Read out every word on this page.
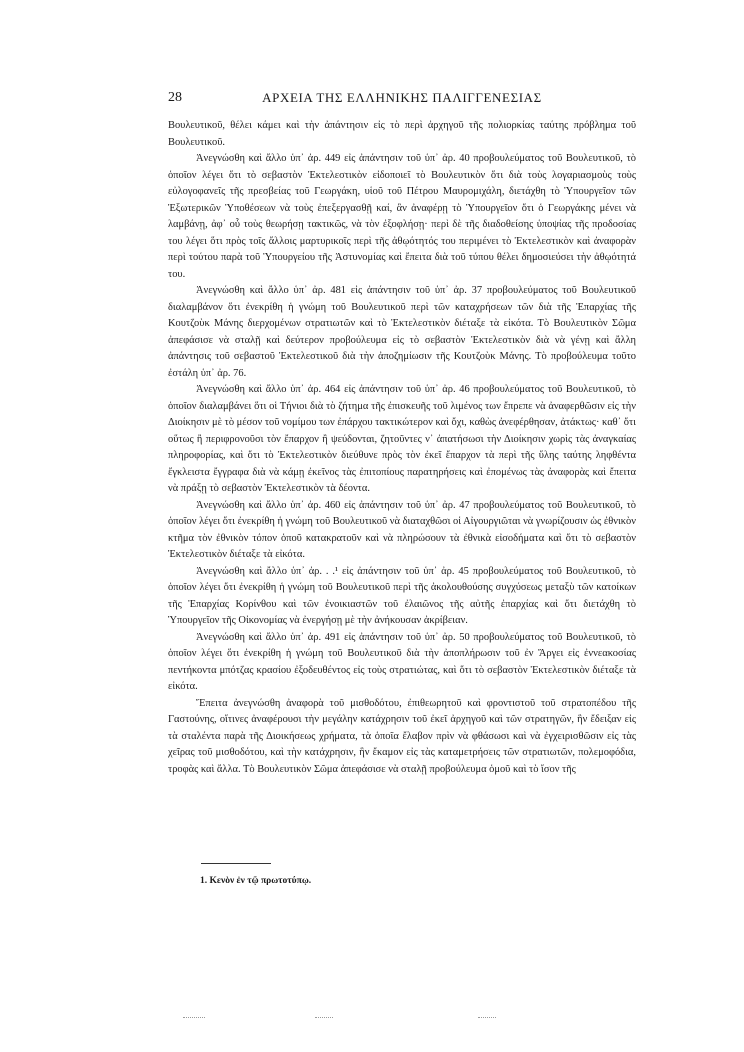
28	ΑΡΧΕΙΑ ΤΗΣ ΕΛΛΗΝΙΚΗΣ ΠΑΛΙΓΓΕΝΕΣΙΑΣ

Βουλευτικοῦ, θέλει κάμει καὶ τὴν ἀπάντησιν εἰς τὸ περὶ ἀρχηγοῦ τῆς πολιορκίας ταύτης πρόβλημα τοῦ Βουλευτικοῦ.

Ἀνεγνώσθη καὶ ἄλλο ὑπ᾿ ἀρ. 449 εἰς ἀπάντησιν τοῦ ὑπ᾿ ἀρ. 40 προβουλεύματος τοῦ Βουλευτικοῦ, τὸ ὁποῖον λέγει ὅτι τὸ σεβαστὸν Ἐκτελεστικὸν εἰδοποιεῖ τὸ Βουλευτικὸν ὅτι διὰ τοὺς λογαριασμοὺς τοὺς εὐλογοφανεῖς τῆς πρεσβείας τοῦ Γεωργάκη, υἱοῦ τοῦ Πέτρου Μαυρομιχάλη, διετάχθη τὸ Ὑπουργεῖον τῶν Ἐξωτερικῶν Ὑποθέσεων νὰ τοὺς ἐπεξεργασθῇ καί, ἂν ἀναφέρῃ τὸ Ὑπουργεῖον ὅτι ὁ Γεωργάκης μένει νὰ λαμβάνῃ, ἀφ᾿ οὗ τοὺς θεωρήσῃ τακτικῶς, νὰ τὸν ἐξοφλήσῃ· περὶ δὲ τῆς διαδοθείσης ὑποψίας τῆς προδοσίας του λέγει ὅτι πρὸς τοῖς ἄλλοις μαρτυρικοῖς περὶ τῆς ἀθῳότητός του περιμένει τὸ Ἐκτελεστικὸν καὶ ἀναφορὰν περὶ τούτου παρὰ τοῦ Ὑπουργείου τῆς Ἀστυνομίας καὶ ἔπειτα διὰ τοῦ τύπου θέλει δημοσιεύσει τὴν ἀθῳότητά του.

Ἀνεγνώσθη καὶ ἄλλο ὑπ᾿ ἀρ. 481 εἰς ἀπάντησιν τοῦ ὑπ᾿ ἀρ. 37 προβουλεύματος τοῦ Βουλευτικοῦ διαλαμβάνον ὅτι ἐνεκρίθη ἡ γνώμη τοῦ Βουλευτικοῦ περὶ τῶν καταχρήσεων τῶν διὰ τῆς Ἐπαρχίας τῆς Κουτζοὺκ Μάνης διερχομένων στρατιωτῶν καὶ τὸ Ἐκτελεστικὸν διέταξε τὰ εἰκότα. Τὸ Βουλευτικὸν Σῶμα ἀπεφάσισε νὰ σταλῇ καὶ δεύτερον προβούλευμα εἰς τὸ σεβαστὸν Ἐκτελεστικὸν διὰ νὰ γένῃ καὶ ἄλλη ἀπάντησις τοῦ σεβαστοῦ Ἐκτελεστικοῦ διὰ τὴν ἀποζημίωσιν τῆς Κουτζοὺκ Μάνης. Τὸ προβούλευμα τοῦτο ἐστάλη ὑπ᾿ ἀρ. 76.

Ἀνεγνώσθη καὶ ἄλλο ὑπ᾿ ἀρ. 464 εἰς ἀπάντησιν τοῦ ὑπ᾿ ἀρ. 46 προβουλεύματος τοῦ Βουλευτικοῦ, τὸ ὁποῖον διαλαμβάνει ὅτι οἱ Τήνιοι διὰ τὸ ζήτημα τῆς ἐπισκευῆς τοῦ λιμένος των ἔπρεπε νὰ ἀναφερθῶσιν εἰς τὴν Διοίκησιν μὲ τὸ μέσον τοῦ νομίμου των ἐπάρχου τακτικώτερον καὶ ὄχι, καθὼς ἀνεφέρθησαν, ἀτάκτως· καθ᾿ ὅτι οὕτως ἢ περιφρονοῦσι τὸν ἔπαρχον ἢ ψεύδονται, ζητοῦντες ν᾿ ἀπατήσωσι τὴν Διοίκησιν χωρὶς τὰς ἀναγκαίας πληροφορίας, καὶ ὅτι τὸ Ἐκτελεστικὸν διεύθυνε πρὸς τὸν ἐκεῖ ἔπαρχον τὰ περὶ τῆς ὕλης ταύτης ληφθέντα ἔγκλειστα ἔγγραφα διὰ νὰ κάμῃ ἐκεῖνος τὰς ἐπιτοπίους παρατηρήσεις καὶ ἐπομένως τὰς ἀναφορὰς καὶ ἔπειτα νὰ πράξῃ τὸ σεβαστὸν Ἐκτελεστικὸν τὰ δέοντα.

Ἀνεγνώσθη καὶ ἄλλο ὑπ᾿ ἀρ. 460 εἰς ἀπάντησιν τοῦ ὑπ᾿ ἀρ. 47 προβουλεύματος τοῦ Βουλευτικοῦ, τὸ ὁποῖον λέγει ὅτι ἐνεκρίθη ἡ γνώμη τοῦ Βουλευτικοῦ νὰ διαταχθῶσι οἱ Αἰγουργιῶται νὰ γνωρίζουσιν ὡς ἐθνικὸν κτῆμα τὸν ἐθνικὸν τόπον ὁποῦ κατακρατοῦν καὶ νὰ πληρώσουν τὰ ἐθνικὰ εἰσοδήματα καὶ ὅτι τὸ σεβαστὸν Ἐκτελεστικὸν διέταξε τὰ εἰκότα.

Ἀνεγνώσθη καὶ ἄλλο ὑπ᾿ ἀρ. . .¹ εἰς ἀπάντησιν τοῦ ὑπ᾿ ἀρ. 45 προβουλεύματος τοῦ Βουλευτικοῦ, τὸ ὁποῖον λέγει ὅτι ἐνεκρίθη ἡ γνώμη τοῦ Βουλευτικοῦ περὶ τῆς ἀκολουθούσης συγχύσεως μεταξὺ τῶν κατοίκων τῆς Ἐπαρχίας Κορίνθου καὶ τῶν ἐνοικιαστῶν τοῦ ἐλαιῶνος τῆς αὐτῆς ἐπαρχίας καὶ ὅτι διετάχθη τὸ Ὑπουργεῖον τῆς Οἰκονομίας νὰ ἐνεργήσῃ μὲ τὴν ἀνήκουσαν ἀκρίβειαν.

Ἀνεγνώσθη καὶ ἄλλο ὑπ᾿ ἀρ. 491 εἰς ἀπάντησιν τοῦ ὑπ᾿ ἀρ. 50 προβουλεύματος τοῦ Βουλευτικοῦ, τὸ ὁποῖον λέγει ὅτι ἐνεκρίθη ἡ γνώμη τοῦ Βουλευτικοῦ διὰ τὴν ἀποπλήρωσιν τοῦ ἐν Ἄργει εἰς ἐννεακοσίας πεντήκοντα μπότζας κρασίου ἐξοδευθέντος εἰς τοὺς στρατιώτας, καὶ ὅτι τὸ σεβαστὸν Ἐκτελεστικὸν διέταξε τὰ εἰκότα.

Ἔπειτα ἀνεγνώσθη ἀναφορὰ τοῦ μισθοδότου, ἐπιθεωρητοῦ καὶ φροντιστοῦ τοῦ στρατοπέδου τῆς Γαστούνης, οἵτινες ἀναφέρουσι τὴν μεγάλην κατάχρησιν τοῦ ἐκεῖ ἀρχηγοῦ καὶ τῶν στρατηγῶν, ἣν ἔδειξαν εἰς τὰ σταλέντα παρὰ τῆς Διοικήσεως χρήματα, τὰ ὁποῖα ἔλαβον πρὶν νὰ φθάσωσι καὶ νὰ ἐγχειρισθῶσιν εἰς τὰς χεῖρας τοῦ μισθοδότου, καὶ τὴν κατάχρησιν, ἣν ἔκαμον εἰς τὰς καταμετρήσεις τῶν στρατιωτῶν, πολεμοφόδια, τροφὰς καὶ ἄλλα. Τὸ Βουλευτικὸν Σῶμα ἀπεφάσισε νὰ σταλῇ προβούλευμα ὁμοῦ καὶ τὸ ἴσον τῆς

1. Κενὸν ἐν τῷ πρωτοτύπῳ.
